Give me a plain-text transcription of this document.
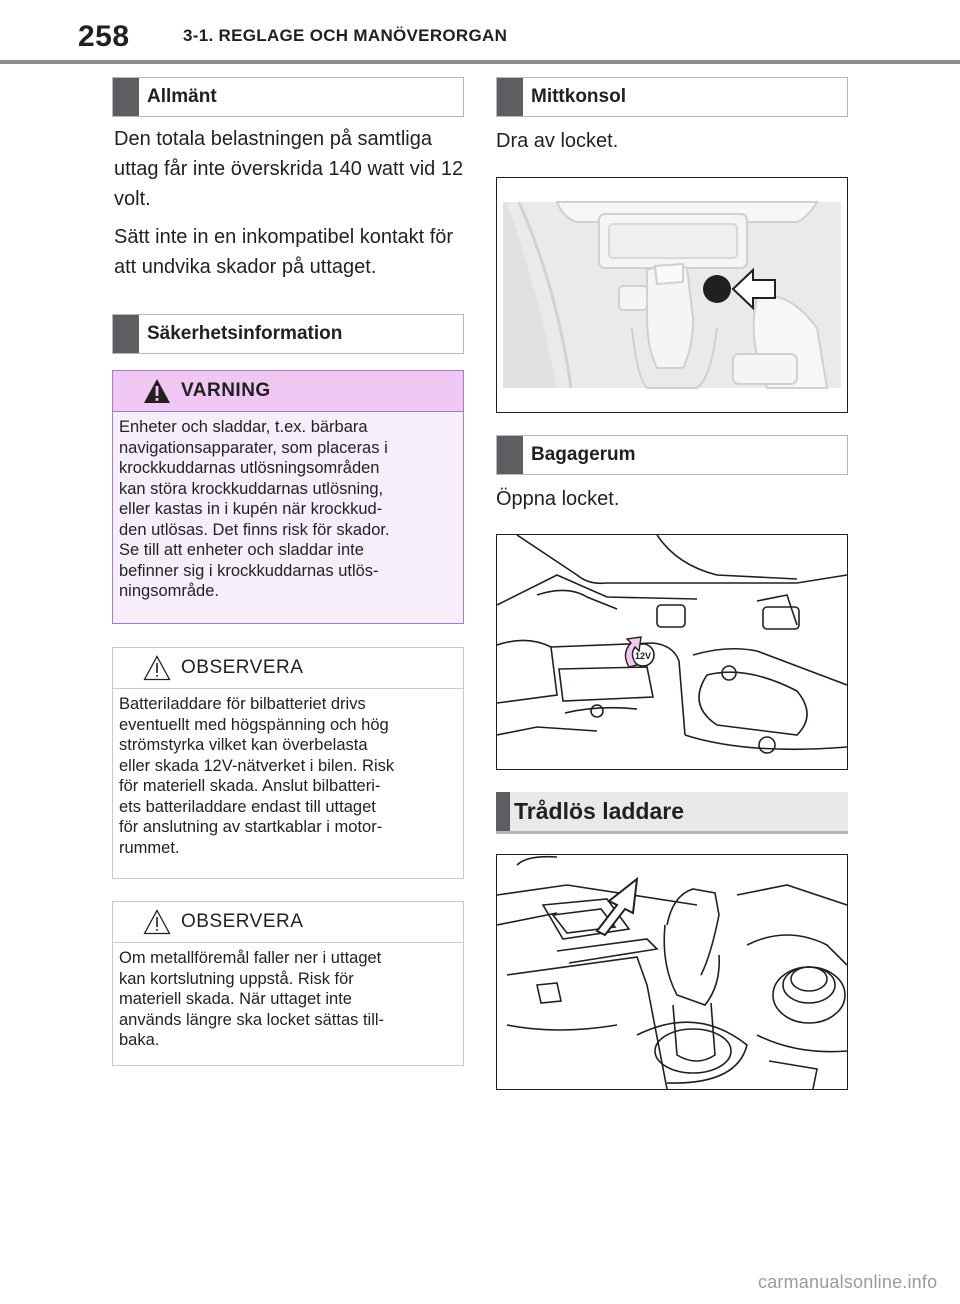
258	3-1. REGLAGE OCH MANÖVERORGAN
Allmänt
Den totala belastningen på samtliga uttag får inte överskrida 140 watt vid 12 volt.
Sätt inte in en inkompatibel kontakt för att undvika skador på uttaget.
Säkerhetsinformation
VARNING
Enheter och sladdar, t.ex. bärbara
navigationsapparater, som placeras i
krockkuddarnas utlösningsområden
kan störa krockkuddarnas utlösning,
eller kastas in i kupén när krockkud-
den utlösas. Det finns risk för skador.
Se till att enheter och sladdar inte
befinner sig i krockkuddarnas utlös-
ningsområde.
OBSERVERA
Batteriladdare för bilbatteriet drivs
eventuellt med högspänning och hög
strömstyrka vilket kan överbelasta
eller skada 12V-nätverket i bilen. Risk
för materiell skada. Anslut bilbatteri-
ets batteriladdare endast till uttaget
för anslutning av startkablar i motor-
rummet.
OBSERVERA
Om metallföremål faller ner i uttaget
kan kortslutning uppstå. Risk för
materiell skada. När uttaget inte
används längre ska locket sättas till-
baka.
Mittkonsol
Dra av locket.
Bagagerum
Öppna locket.
12V
Trådlös laddare
carmanualsonline.info
